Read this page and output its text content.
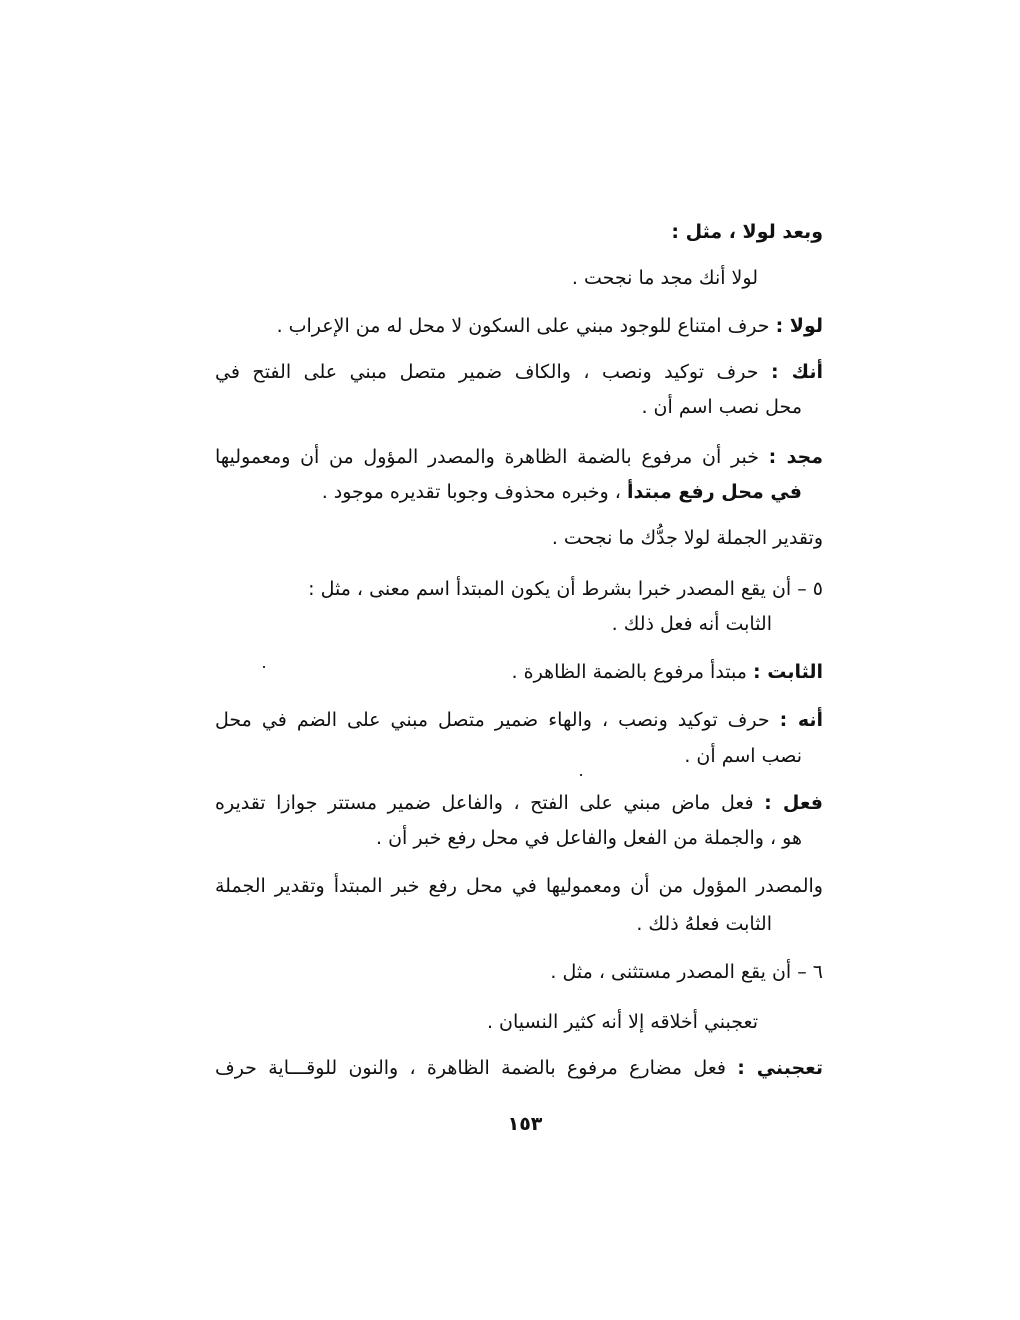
وبعد لولا ، مثل :
لولا أنك مجد ما نجحت .
لولا : حرف امتناع للوجود مبني على السكون لا محل له من الإعراب .
أنك : حرف توكيد ونصب ، والكاف ضمير متصل مبني على الفتح في
محل نصب اسم أن .
مجد : خبر أن مرفوع بالضمة الظاهرة والمصدر المؤول من أن ومعموليها
في محل رفع مبتدأ ، وخبره محذوف وجوبا تقديره موجود .
وتقدير الجملة لولا جدُّك ما نجحت .
٥ – أن يقع المصدر خبرا بشرط أن يكون المبتدأ اسم معنى ، مثل :
الثابت أنه فعل ذلك .
الثابت : مبتدأ مرفوع بالضمة الظاهرة .
أنه : حرف توكيد ونصب ، والهاء ضمير متصل مبني على الضم في محل
نصب اسم أن .
فعل : فعل ماض مبني على الفتح ، والفاعل ضمير مستتر جوازا تقديره
هو ، والجملة من الفعل والفاعل في محل رفع خبر أن .
والمصدر المؤول من أن ومعموليها في محل رفع خبر المبتدأ وتقدير الجملة
الثابت فعلهُ ذلك .
٦ – أن يقع المصدر مستثنى ، مثل .
تعجبني أخلاقه إلا أنه كثير النسيان .
تعجبني : فعل مضارع مرفوع بالضمة الظاهرة ، والنون للوقـــاية حرف
١٥٣
